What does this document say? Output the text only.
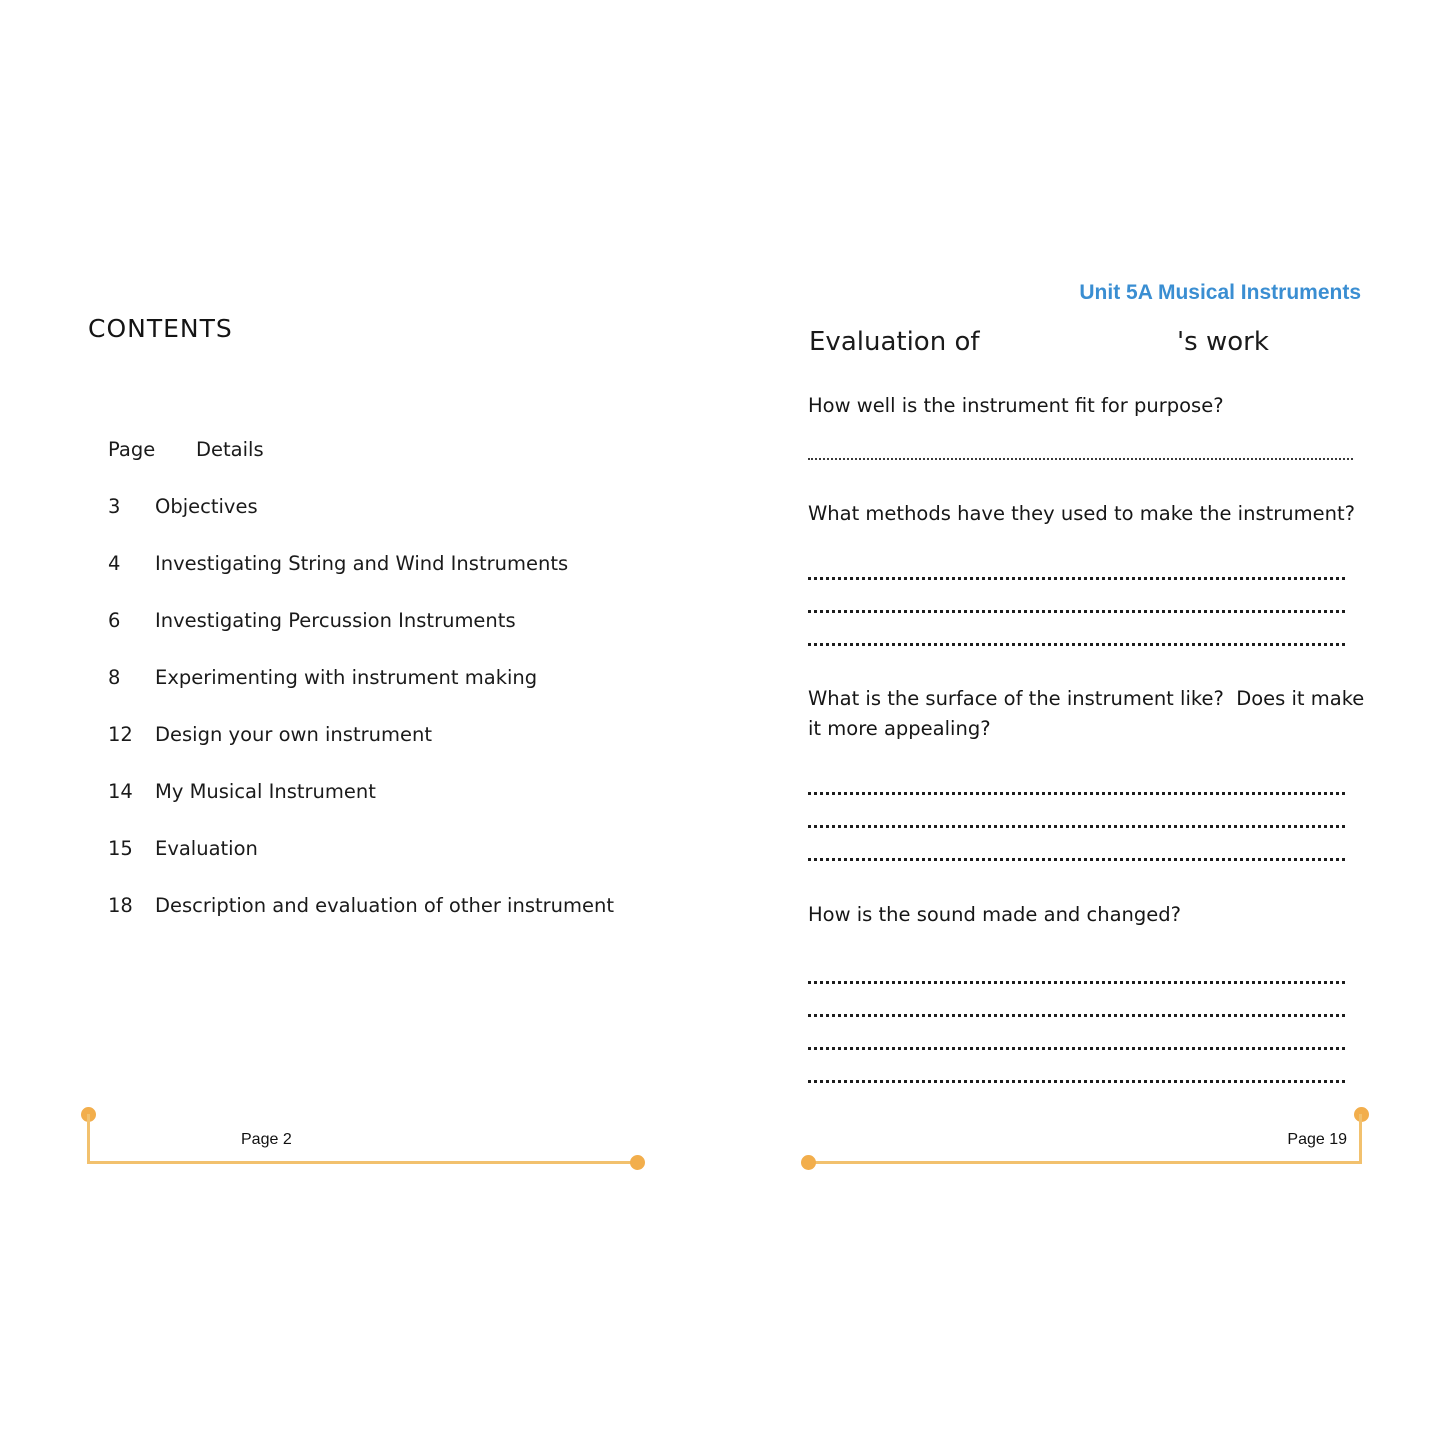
CONTENTS
Page	Details
3	Objectives
4	Investigating String and Wind Instruments
6	Investigating Percussion Instruments
8	Experimenting with instrument making
12	Design your own instrument
14	My Musical Instrument
15	Evaluation
18	Description and evaluation of other instrument
Page 2
Unit 5A Musical Instruments
Evaluation of	's work
How well is the instrument fit for purpose?
What methods have they used to make the instrument?
What is the surface of the instrument like?  Does it make it more appealing?
How is the sound made and changed?
Page 19
